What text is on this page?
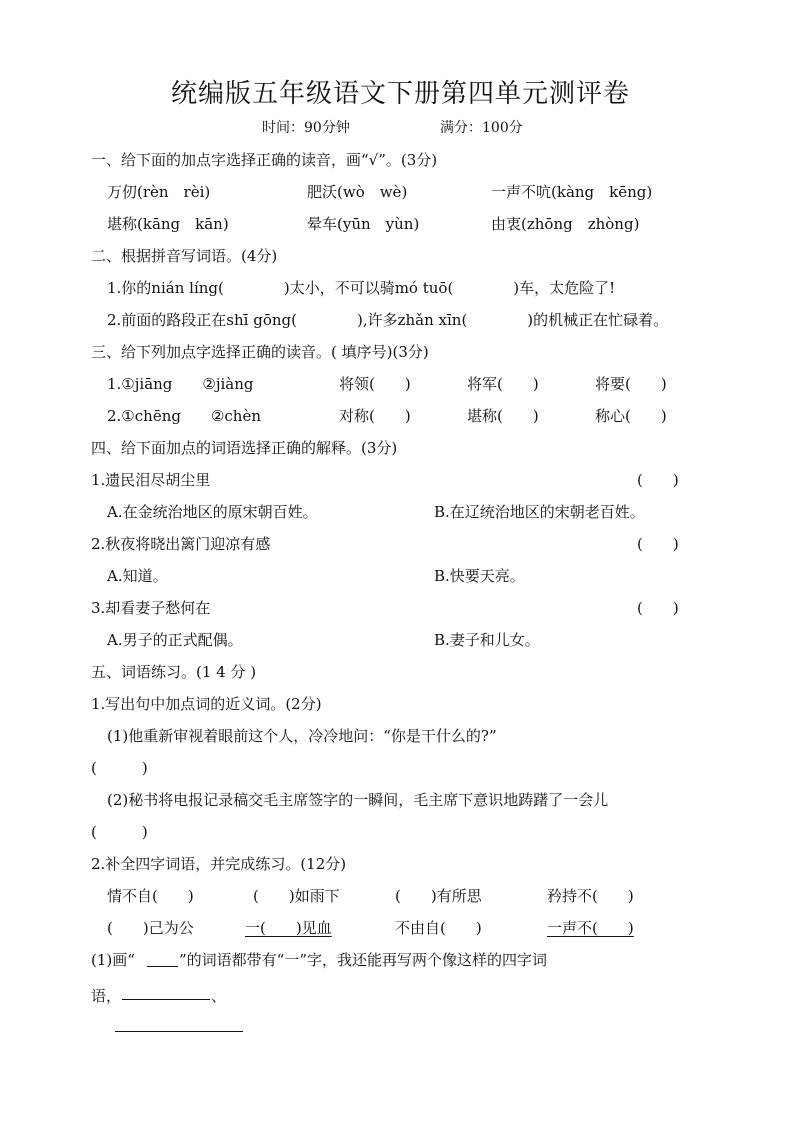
统编版五年级语文下册第四单元测评卷
时间：90分钟	满分：100分
一、给下面的加点字选择正确的读音，画“√”。(3分)
万仞(rèn　rèi)	肥沃(wò　wè)	一声不吭(kàng　kēng)
堪称(kāng　kān)	晕车(yūn　yùn)	由衷(zhōng　zhòng)
二、根据拼音写词语。(4分)
1.你的nián líng(　　　　)太小，不可以骑mó tuō(　　　　)车，太危险了!
2.前面的路段正在shī gōng(　　　　),许多zhǎn xīn(　　　　)的机械正在忙碌着。
三、给下列加点字选择正确的读音。( 填序号)(3分)
1.①jiāng　　②jiàng	将领(　　)	将军(　　)	将要(　　)
2.①chēng　　②chèn	对称(　　)	堪称(　　)	称心(　　)
四、给下面加点的词语选择正确的解释。(3分)
1.遗民泪尽胡尘里	(　　)
A.在金统治地区的原宋朝百姓。	B.在辽统治地区的宋朝老百姓。
2.秋夜将晓出篱门迎凉有感	(　　)
A.知道。	B.快要天亮。
3.却看妻子愁何在	(　　)
A.男子的正式配偶。	B.妻子和儿女。
五、词语练习。(1 4 分 )
1.写出句中加点词的近义词。(2分)
(1)他重新审视着眼前这个人，冷冷地问：“你是干什么的?”
(　　　)
(2)秘书将电报记录稿交毛主席签字的一瞬间，毛主席下意识地踌躇了一会儿
(　　　)
2.补全四字词语，并完成练习。(12分)
情不自(　　)	(　　)如雨下	(　　)有所思	矜持不(　　)
(　　)己为公	一(　　)见血	不由自(　　)	一声不(　　)
(1)画“	”的词语都带有“一”字，我还能再写两个像这样的四字词
语，	、
